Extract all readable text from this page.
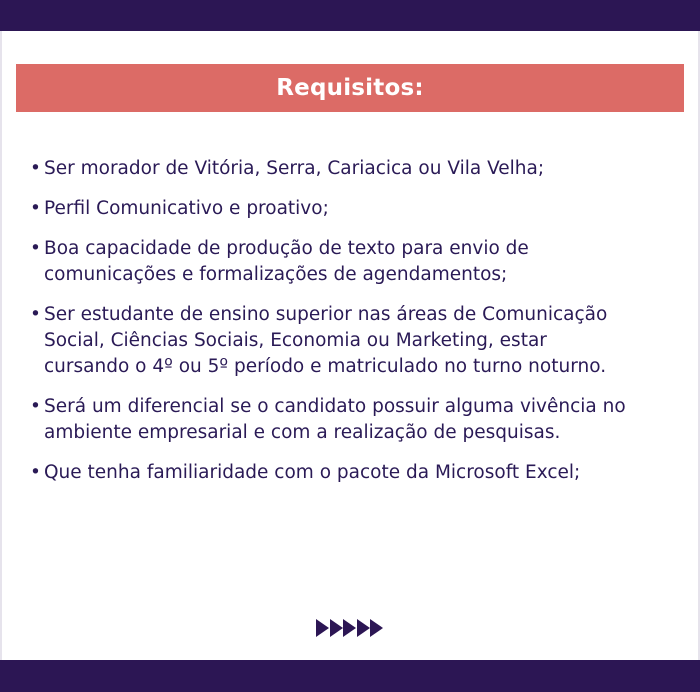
Requisitos:
• Ser morador de Vitória, Serra, Cariacica ou Vila Velha;
• Perfil Comunicativo e proativo;
• Boa capacidade de produção de texto para envio de
comunicações e formalizações de agendamentos;
• Ser estudante de ensino superior nas áreas de Comunicação
Social, Ciências Sociais, Economia ou Marketing, estar
cursando o 4º ou 5º período e matriculado no turno noturno.
• Será um diferencial se o candidato possuir alguma vivência no
ambiente empresarial e com a realização de pesquisas.
• Que tenha familiaridade com o pacote da Microsoft Excel;
